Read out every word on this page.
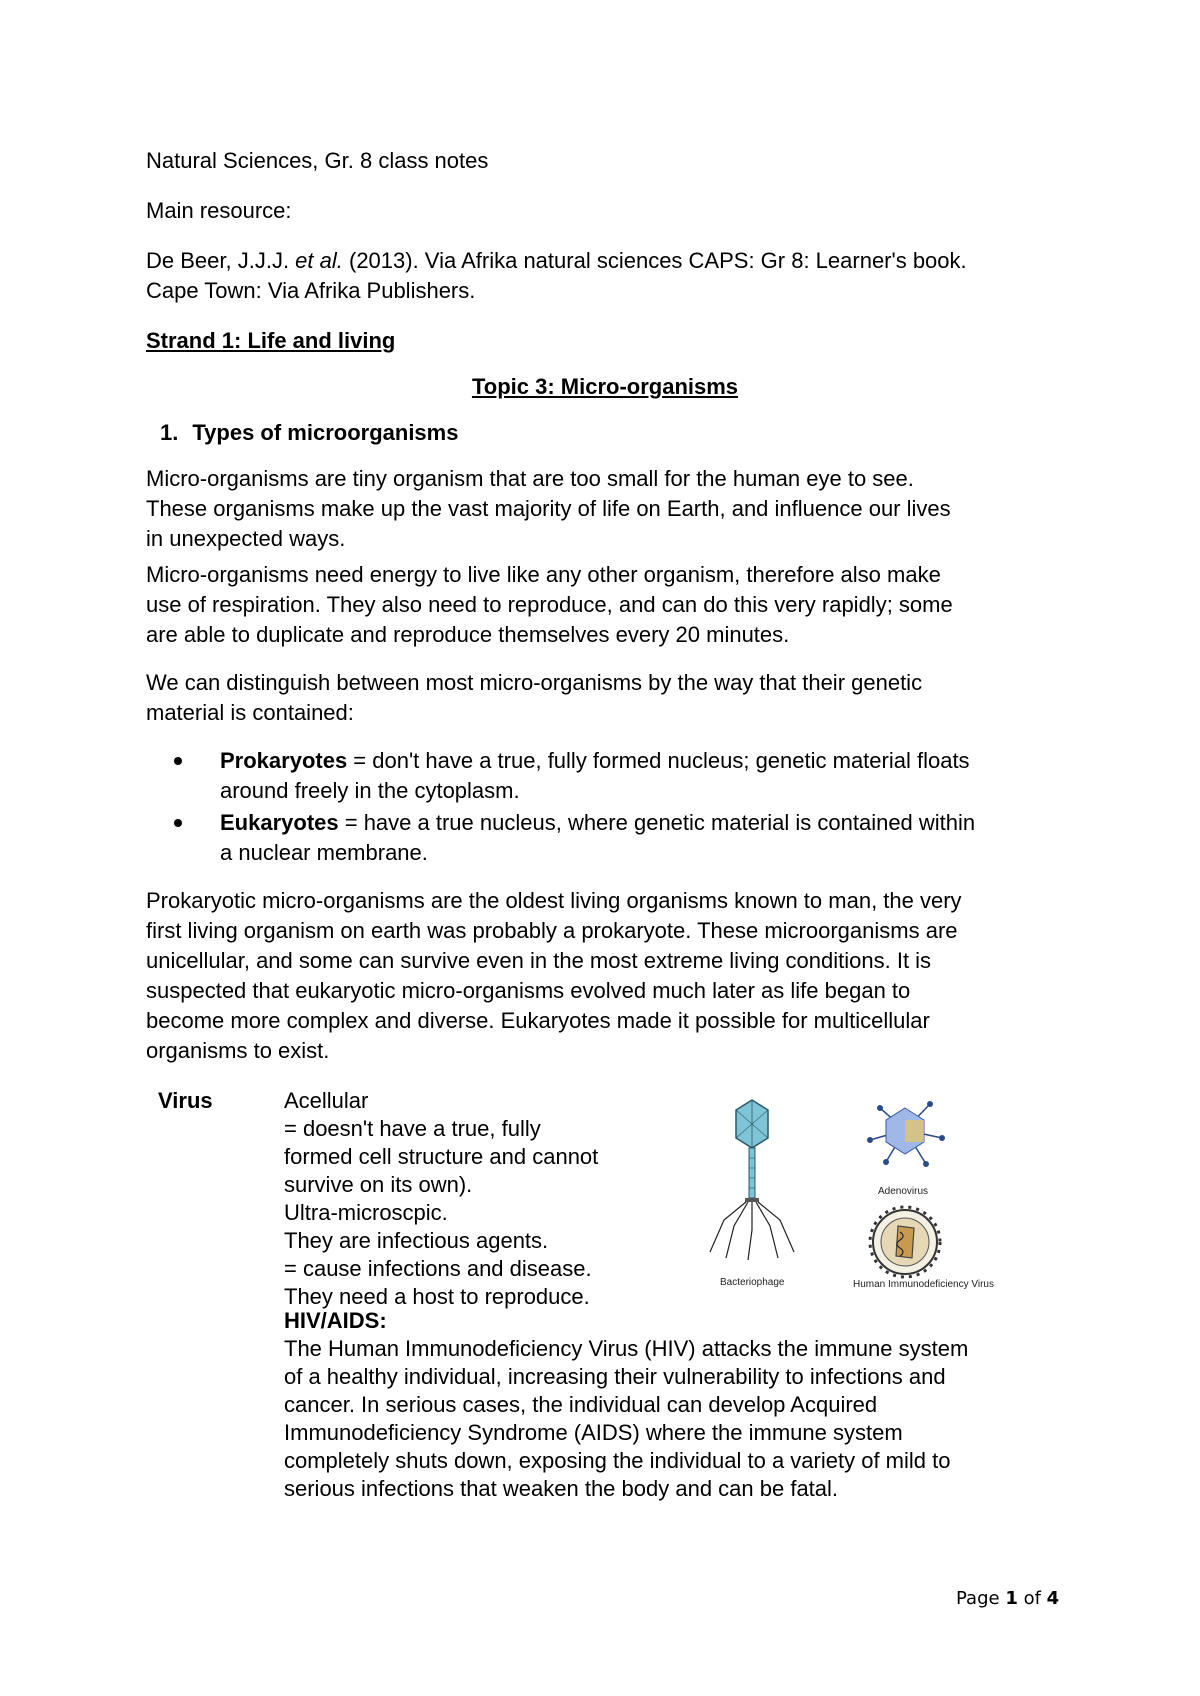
Natural Sciences, Gr. 8 class notes
Main resource:
De Beer, J.J.J. et al. (2013). Via Afrika natural sciences CAPS: Gr 8: Learner's book.
Cape Town: Via Afrika Publishers.
Strand 1: Life and living
Topic 3: Micro-organisms
1. Types of microorganisms
Micro-organisms are tiny organism that are too small for the human eye to see.
These organisms make up the vast majority of life on Earth, and influence our lives
in unexpected ways.
Micro-organisms need energy to live like any other organism, therefore also make
use of respiration. They also need to reproduce, and can do this very rapidly; some
are able to duplicate and reproduce themselves every 20 minutes.
We can distinguish between most micro-organisms by the way that their genetic
material is contained:
Prokaryotes = don't have a true, fully formed nucleus; genetic material floats
around freely in the cytoplasm.
Eukaryotes = have a true nucleus, where genetic material is contained within
a nuclear membrane.
Prokaryotic micro-organisms are the oldest living organisms known to man, the very
first living organism on earth was probably a prokaryote. These microorganisms are
unicellular, and some can survive even in the most extreme living conditions. It is
suspected that eukaryotic micro-organisms evolved much later as life began to
become more complex and diverse. Eukaryotes made it possible for multicellular
organisms to exist.
Virus	Acellular
= doesn't have a true, fully
formed cell structure and cannot
survive on its own).
Ultra-microscpic.
They are infectious agents.
= cause infections and disease.
They need a host to reproduce.
HIV/AIDS:
The Human Immunodeficiency Virus (HIV) attacks the immune system
of a healthy individual, increasing their vulnerability to infections and
cancer. In serious cases, the individual can develop Acquired
Immunodeficiency Syndrome (AIDS) where the immune system
completely shuts down, exposing the individual to a variety of mild to
serious infections that weaken the body and can be fatal.
Bacteriophage
Adenovirus
Human Immunodeficiency Virus
Page 1 of 4
